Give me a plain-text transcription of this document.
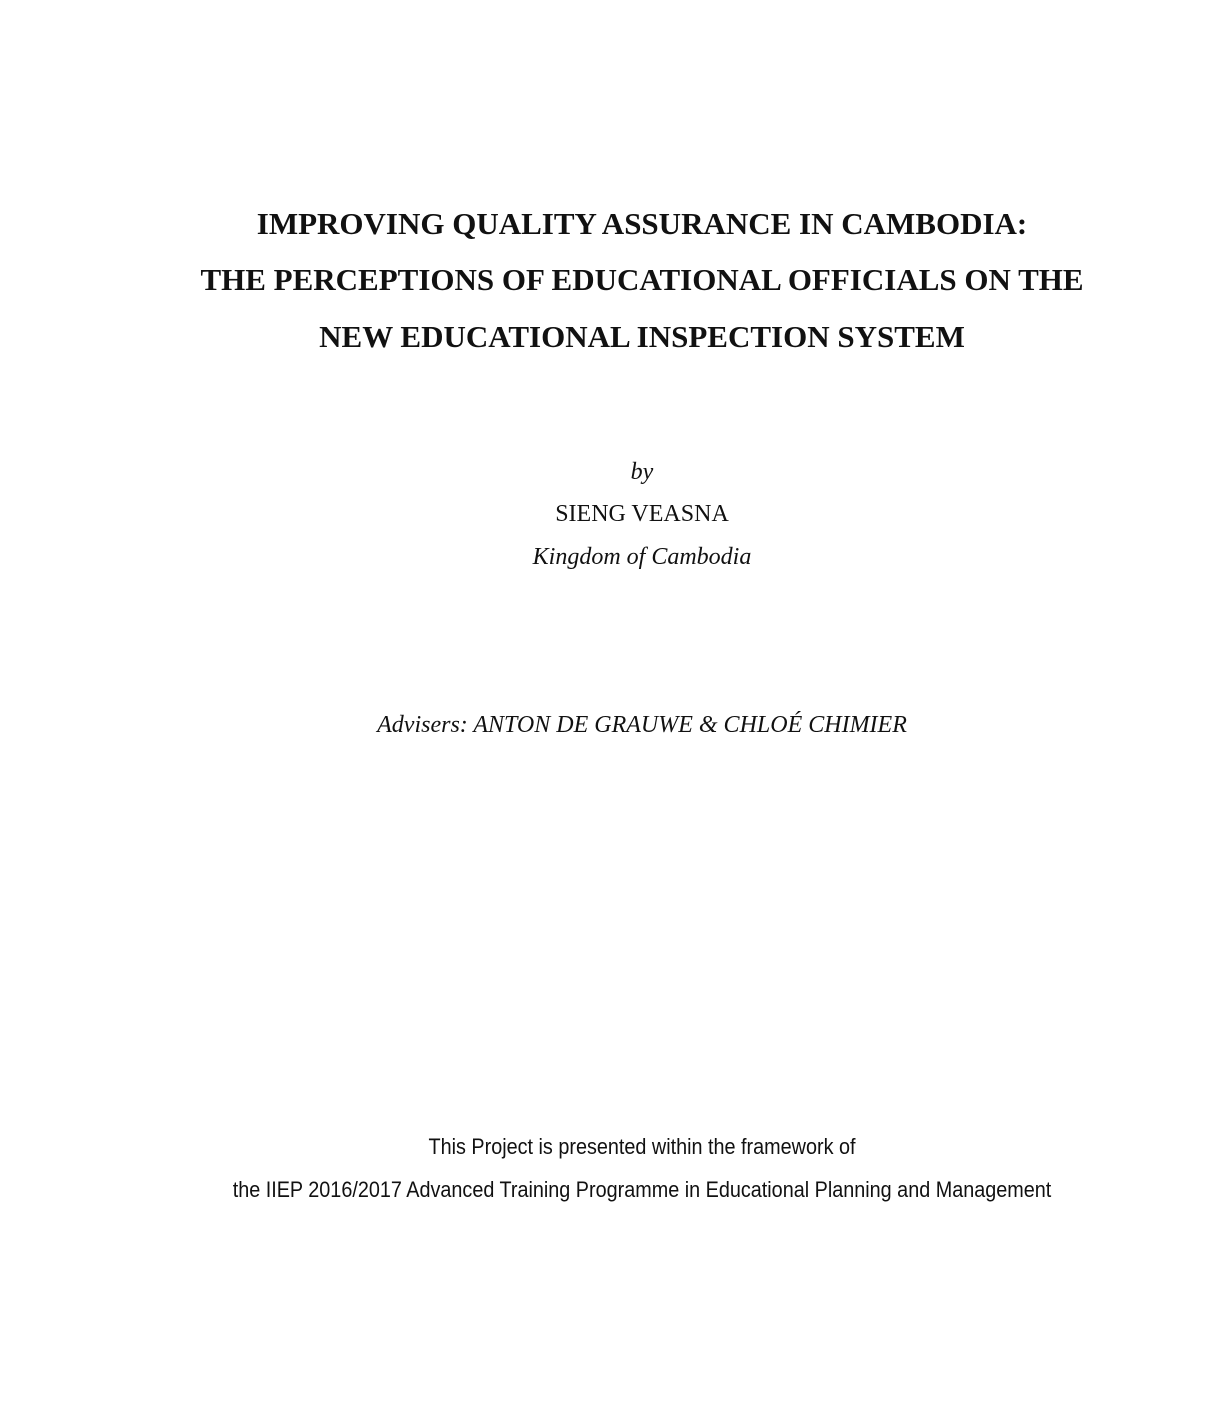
IMPROVING QUALITY ASSURANCE IN CAMBODIA:
THE PERCEPTIONS OF EDUCATIONAL OFFICIALS ON THE
NEW EDUCATIONAL INSPECTION SYSTEM
by
SIENG VEASNA
Kingdom of Cambodia
Advisers: ANTON DE GRAUWE & CHLOÉ CHIMIER
This Project is presented within the framework of
the IIEP 2016/2017 Advanced Training Programme in Educational Planning and Management
